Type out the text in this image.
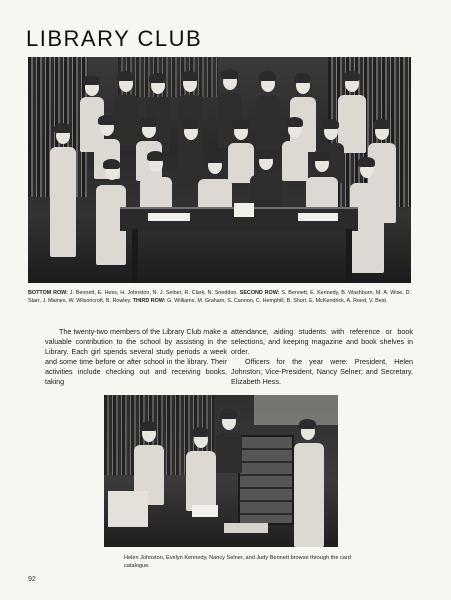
LIBRARY CLUB
BOTTOM ROW: J. Bennett, E. Hess, H. Johnston, N. J. Selner, R. Clark, N. Sneddon. SECOND ROW: S. Bennett, E. Kennedy, B. Washburn, M. A. Wise, D. Starr, J. Maines, W. Wilsoncroft, B. Rowley. THIRD ROW: G. Williams, M. Graham, S. Cannon, C. Hemphill, B. Short, E. McKendrick, A. Reed, V. Best.
The twenty-two members of the Library Club make a valuable contribution to the school by assisting in the Library. Each girl spends several study periods a week and some time before or after school in the library. Their activities include checking out and receiving books, taking
attendance, aiding students with reference or book selections, and keeping magazine and book shelves in order.
Officers for the year were: President, Helen Johnston; Vice-President, Nancy Selner; and Secretary, Elizabeth Hess.
Helen Johnston, Evelyn Kennedy, Nancy Selner, and Judy Bennett browse through the card catalogue.
92
